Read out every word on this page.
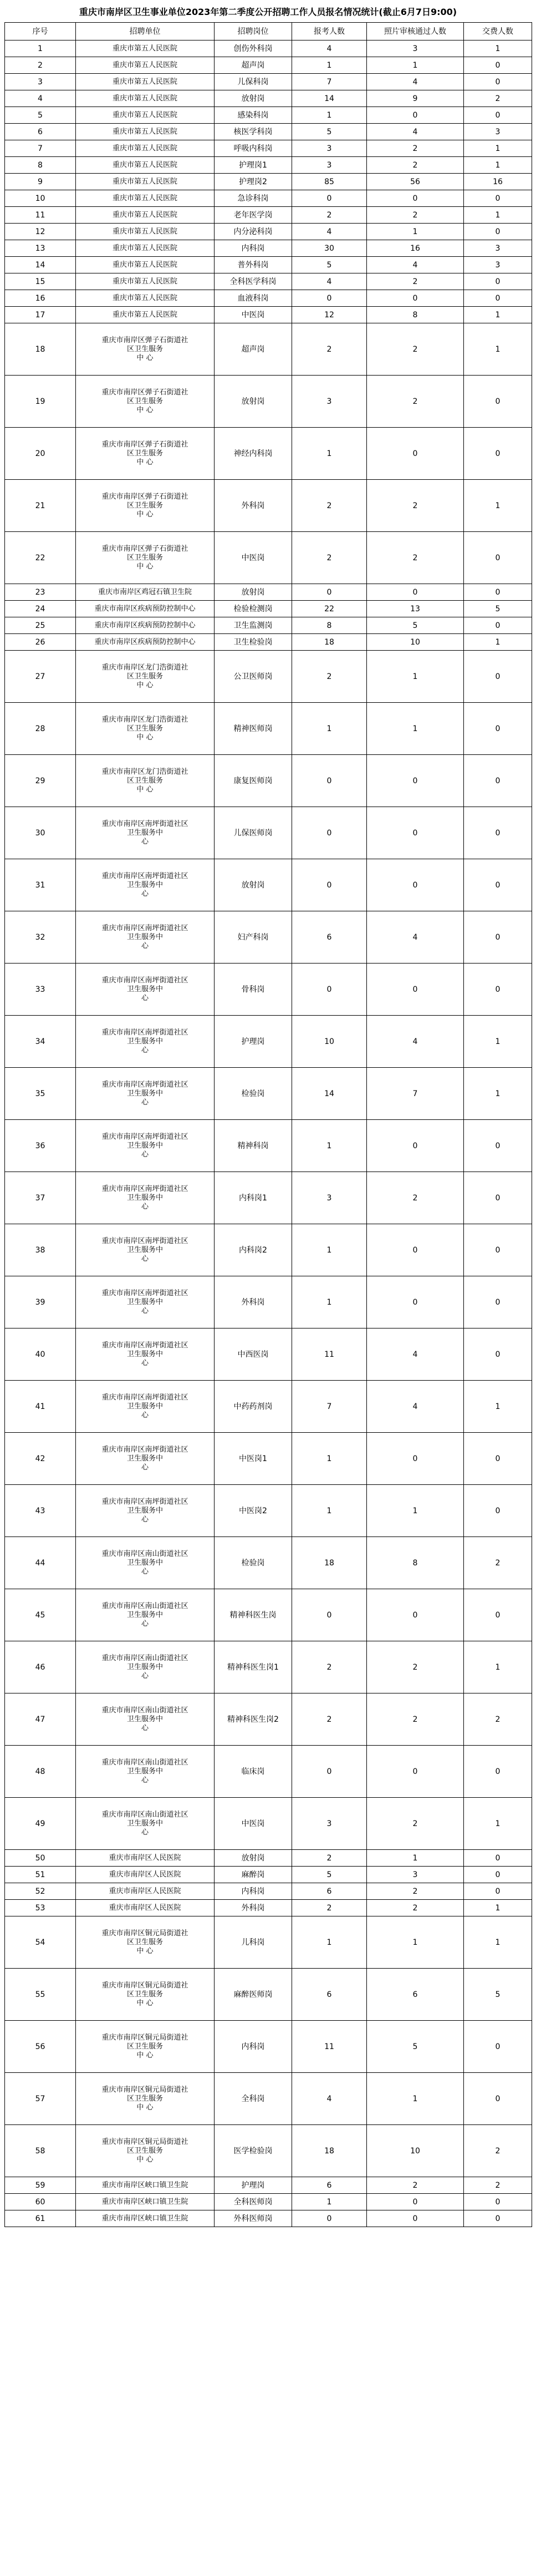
重庆市南岸区卫生事业单位2023年第二季度公开招聘工作人员报名情况统计(截止6月7日9:00)
序号	招聘单位	招聘岗位	报考人数	照片审核通过人数	交费人数
1	重庆市第五人民医院	创伤外科岗	4	3	1
2	重庆市第五人民医院	超声岗	1	1	0
3	重庆市第五人民医院	儿保科岗	7	4	0
4	重庆市第五人民医院	放射岗	14	9	2
5	重庆市第五人民医院	感染科岗	1	0	0
6	重庆市第五人民医院	核医学科岗	5	4	3
7	重庆市第五人民医院	呼吸内科岗	3	2	1
8	重庆市第五人民医院	护理岗1	3	2	1
9	重庆市第五人民医院	护理岗2	85	56	16
10	重庆市第五人民医院	急诊科岗	0	0	0
11	重庆市第五人民医院	老年医学岗	2	2	1
12	重庆市第五人民医院	内分泌科岗	4	1	0
13	重庆市第五人民医院	内科岗	30	16	3
14	重庆市第五人民医院	普外科岗	5	4	3
15	重庆市第五人民医院	全科医学科岗	4	2	0
16	重庆市第五人民医院	血液科岗	0	0	0
17	重庆市第五人民医院	中医岗	12	8	1
18	重庆市南岸区弹子石街道社
区卫生服务
中 心	超声岗	2	2	1
19	重庆市南岸区弹子石街道社
区卫生服务
中 心	放射岗	3	2	0
20	重庆市南岸区弹子石街道社
区卫生服务
中 心	神经内科岗	1	0	0
21	重庆市南岸区弹子石街道社
区卫生服务
中 心	外科岗	2	2	1
22	重庆市南岸区弹子石街道社
区卫生服务
中 心	中医岗	2	2	0
23	重庆市南岸区鸡冠石镇卫生院	放射岗	0	0	0
24	重庆市南岸区疾病预防控制中心	检验检测岗	22	13	5
25	重庆市南岸区疾病预防控制中心	卫生监测岗	8	5	0
26	重庆市南岸区疾病预防控制中心	卫生检验岗	18	10	1
27	重庆市南岸区龙门浩街道社
区卫生服务
中 心	公卫医师岗	2	1	0
28	重庆市南岸区龙门浩街道社
区卫生服务
中 心	精神医师岗	1	1	0
29	重庆市南岸区龙门浩街道社
区卫生服务
中 心	康复医师岗	0	0	0
30	重庆市南岸区南坪街道社区
卫生服务中
心	儿保医师岗	0	0	0
31	重庆市南岸区南坪街道社区
卫生服务中
心	放射岗	0	0	0
32	重庆市南岸区南坪街道社区
卫生服务中
心	妇产科岗	6	4	0
33	重庆市南岸区南坪街道社区
卫生服务中
心	骨科岗	0	0	0
34	重庆市南岸区南坪街道社区
卫生服务中
心	护理岗	10	4	1
35	重庆市南岸区南坪街道社区
卫生服务中
心	检验岗	14	7	1
36	重庆市南岸区南坪街道社区
卫生服务中
心	精神科岗	1	0	0
37	重庆市南岸区南坪街道社区
卫生服务中
心	内科岗1	3	2	0
38	重庆市南岸区南坪街道社区
卫生服务中
心	内科岗2	1	0	0
39	重庆市南岸区南坪街道社区
卫生服务中
心	外科岗	1	0	0
40	重庆市南岸区南坪街道社区
卫生服务中
心	中西医岗	11	4	0
41	重庆市南岸区南坪街道社区
卫生服务中
心	中药药剂岗	7	4	1
42	重庆市南岸区南坪街道社区
卫生服务中
心	中医岗1	1	0	0
43	重庆市南岸区南坪街道社区
卫生服务中
心	中医岗2	1	1	0
44	重庆市南岸区南山街道社区
卫生服务中
心	检验岗	18	8	2
45	重庆市南岸区南山街道社区
卫生服务中
心	精神科医生岗	0	0	0
46	重庆市南岸区南山街道社区
卫生服务中
心	精神科医生岗1	2	2	1
47	重庆市南岸区南山街道社区
卫生服务中
心	精神科医生岗2	2	2	2
48	重庆市南岸区南山街道社区
卫生服务中
心	临床岗	0	0	0
49	重庆市南岸区南山街道社区
卫生服务中
心	中医岗	3	2	1
50	重庆市南岸区人民医院	放射岗	2	1	0
51	重庆市南岸区人民医院	麻醉岗	5	3	0
52	重庆市南岸区人民医院	内科岗	6	2	0
53	重庆市南岸区人民医院	外科岗	2	2	1
54	重庆市南岸区铜元局街道社
区卫生服务
中 心	儿科岗	1	1	1
55	重庆市南岸区铜元局街道社
区卫生服务
中 心	麻醉医师岗	6	6	5
56	重庆市南岸区铜元局街道社
区卫生服务
中 心	内科岗	11	5	0
57	重庆市南岸区铜元局街道社
区卫生服务
中 心	全科岗	4	1	0
58	重庆市南岸区铜元局街道社
区卫生服务
中 心	医学检验岗	18	10	2
59	重庆市南岸区峡口镇卫生院	护理岗	6	2	2
60	重庆市南岸区峡口镇卫生院	全科医师岗	1	0	0
61	重庆市南岸区峡口镇卫生院	外科医师岗	0	0	0
